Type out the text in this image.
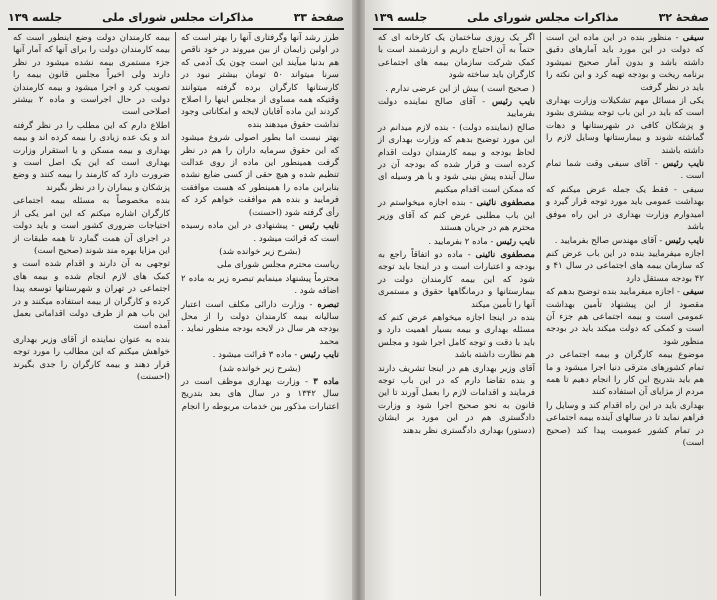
صفحهٔ ۳۳
مذاکرات مجلس شورای ملی
جلسه ۱۳۹

طرز رشد آنها وگرفتاری آنها را بهتر است که در اولین زایمان از بین میروند در خود ناقص هم بدنیا میآیند این است چون یک آدمی که سرنا میتواند ۵۰ تومان بیشتر نبود در کارستانها کارگران برده گرفته میتوانند وقتیکه همه مساوی از مجلس اینها را اصلاح کردند این ماده آقایان لایحه و امکاناتی وجود نداشت حقوق میدهند بنده

بهتر نیست اما بطور اصولی شروع میشود که این حقوق سرمایه داران را هم در نظر گرفت همینطور این ماده از روی عدالت تنظیم شده و هیچ حقی از کسی ضایع نشده بنابراین ماده را همینطور که هست موافقت فرمایید و بنده هم موافقت خواهم کرد که رأی گرفته شود (احسنت)

نایب رئیس - پیشنهادی در این ماده رسیده است که قرائت میشود .

(بشرح زیر خوانده شد)

ریاست محترم مجلس شورای ملی

محترماً پیشنهاد مینمایم تبصره زیر به ماده ۲ اضافه شود .

تبصره - وزارت دارائی مکلف است اعتبار سالیانه بیمه کارمندان دولت را از محل بودجه هر سال در لایحه بودجه منظور نماید . محمد

نایب رئیس - ماده ۳ قرائت میشود .

(بشرح زیر خوانده شد)

ماده ۳ - وزارت بهداری موظف است در سال ۱۳۴۲ و در سال های بعد بتدریج اعتبارات مذکور بین خدمات مربوطه را انجام

بیمه کارمندان دولت وضع اینطور است که بیمه کارمندان دولت را برای آنها که آمار آنها جزء مستمری بیمه نشده میشود در نظر دارند ولی اخیراً مجلس قانون بیمه را تصویب کرد و اجرا میشود و بیمه کارمندان دولت در حال اجراست و ماده ۲ بیشتر اصلاحی است

اطلاع دارم که این مطلب را در نظر گرفته اند و یک عده زیادی را بیمه کرده اند و بیمه بهداری و بیمه مسکن و یا استقرار وزارت بهداری است که این یک اصل است و ضرورت دارد که کارمند را بیمه کنند و وضع پزشکان و بیماران را در نظر بگیرند

بنده مخصوصاً به مسئله بیمه اجتماعی کارگران اشاره میکنم که این امر یکی از احتیاجات ضروری کشور است و باید دولت در اجرای آن همت گمارد تا همه طبقات از این مزایا بهره مند شوند (صحیح است)

توجهی به آن دارند و اقدام شده است و کمک های لازم انجام شده و بیمه های اجتماعی در تهران و شهرستانها توسعه پیدا کرده و کارگران از بیمه استفاده میکنند و در این باب هم از طرف دولت اقداماتی بعمل آمده است

بنده به عنوان نماینده از آقای وزیر بهداری خواهش میکنم که این مطالب را مورد توجه قرار دهند و بیمه کارگران را جدی بگیرند (احسنت)

صفحهٔ ۳۲
مذاکرات مجلس شورای ملی
جلسه ۱۳۹

سیفی - منظور بنده در این ماده این است که دولت در این مورد باید آمارهای دقیق داشته باشد و بدون آمار صحیح نمیشود برنامه ریخت و بودجه تهیه کرد و این نکته را باید در نظر گرفت

یکی از مسائل مهم تشکیلات وزارت بهداری است که باید در این باب توجه بیشتری بشود و پزشکان کافی در شهرستانها و دهات گماشته شوند و بیمارستانها وسایل لازم را داشته باشند

نایب رئیس - آقای سیفی وقت شما تمام است .

سیفی - فقط یک جمله عرض میکنم که بهداشت عمومی باید مورد توجه قرار گیرد و امیدوارم وزارت بهداری در این راه موفق باشد

نایب رئیس - آقای مهندس صالح بفرمایید .

اجازه میفرمایید بنده در این باب عرض کنم که سازمان بیمه های اجتماعی در سال ۴۱ و ۴۲ بودجه مستقل دارد

سیفی - اجازه میفرمایید بنده توضیح بدهم که مقصود از این پیشنهاد تأمین بهداشت عمومی است و بیمه اجتماعی هم جزء آن است و کمکی که دولت میکند باید در بودجه منظور شود

موضوع بیمه کارگران و بیمه اجتماعی در تمام کشورهای مترقی دنیا اجرا میشود و ما هم باید بتدریج این کار را انجام دهیم تا همه مردم از مزایای آن استفاده کنند

بهداری باید در این راه اقدام کند و وسایل را فراهم نماید تا در سالهای آینده بیمه اجتماعی در تمام کشور عمومیت پیدا کند (صحیح است)

اگر یک روزی ساختمان یک کارخانه ای که حتماً به آن احتیاج داریم و ارزشمند است با کمک شرکت سازمان بیمه های اجتماعی کارگران باید ساخته شود

( صحیح است ) بیش از این عرضی ندارم .

نایب رئیس - آقای صالح نماینده دولت بفرمایید

صالح (نماینده دولت) - بنده لازم میدانم در این مورد توضیح بدهم که وزارت بهداری از لحاظ بودجه و بیمه کارمندان دولت اقدام کرده است و قرار شده که بودجه آن در سال آینده پیش بینی شود و با هر وسیله ای که ممکن است اقدام میکنیم

مصطفوی نائینی - بنده اجازه میخواستم در این باب مطلبی عرض کنم که آقای وزیر محترم هم در جریان هستند

نایب رئیس - ماده ۲ بفرمایید .

مصطفوی نائینی - ماده دو اتفاقاً راجع به بودجه و اعتبارات است و در اینجا باید توجه شود که این بیمه کارمندان دولت در بیمارستانها و درمانگاهها حقوق و مستمری آنها را تأمین میکند

بنده در اینجا اجازه میخواهم عرض کنم که مسئله بهداری و بیمه بسیار اهمیت دارد و باید با دقت و توجه کامل اجرا شود و مجلس هم نظارت داشته باشد

آقای وزیر بهداری هم در اینجا تشریف دارند و بنده تقاضا دارم که در این باب توجه فرمایند و اقدامات لازم را بعمل آورند تا این قانون به نحو صحیح اجرا شود و وزارت دادگستری هم در این مورد بر ایشان (دستور) بهداری دادگستری نظر بدهند
